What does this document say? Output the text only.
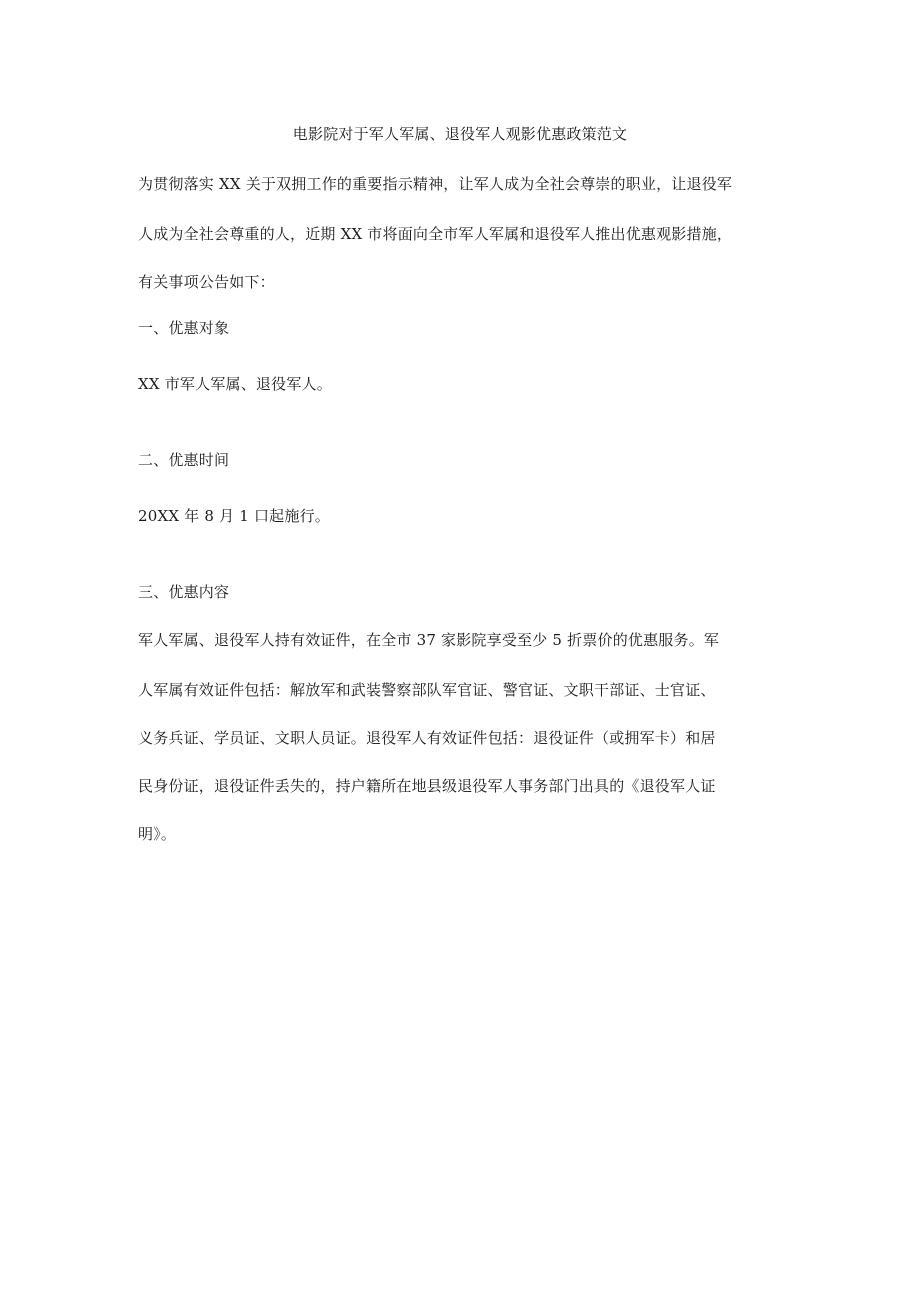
电影院对于军人军属、退役军人观影优惠政策范文
为贯彻落实 XX 关于双拥工作的重要指示精神，让军人成为全社会尊崇的职业，让退役军
人成为全社会尊重的人，近期 XX 市将面向全市军人军属和退役军人推出优惠观影措施，
有关事项公告如下：
一、优惠对象
XX 市军人军属、退役军人。
二、优惠时间
20XX 年 8 月 1 口起施行。
三、优惠内容
军人军属、退役军人持有效证件，在全市 37 家影院享受至少 5 折票价的优惠服务。军
人军属有效证件包括：解放军和武装警察部队军官证、警官证、文职干部证、士官证、
义务兵证、学员证、文职人员证。退役军人有效证件包括：退役证件（或拥军卡）和居
民身份证，退役证件丢失的，持户籍所在地县级退役军人事务部门出具的《退役军人证
明》。
